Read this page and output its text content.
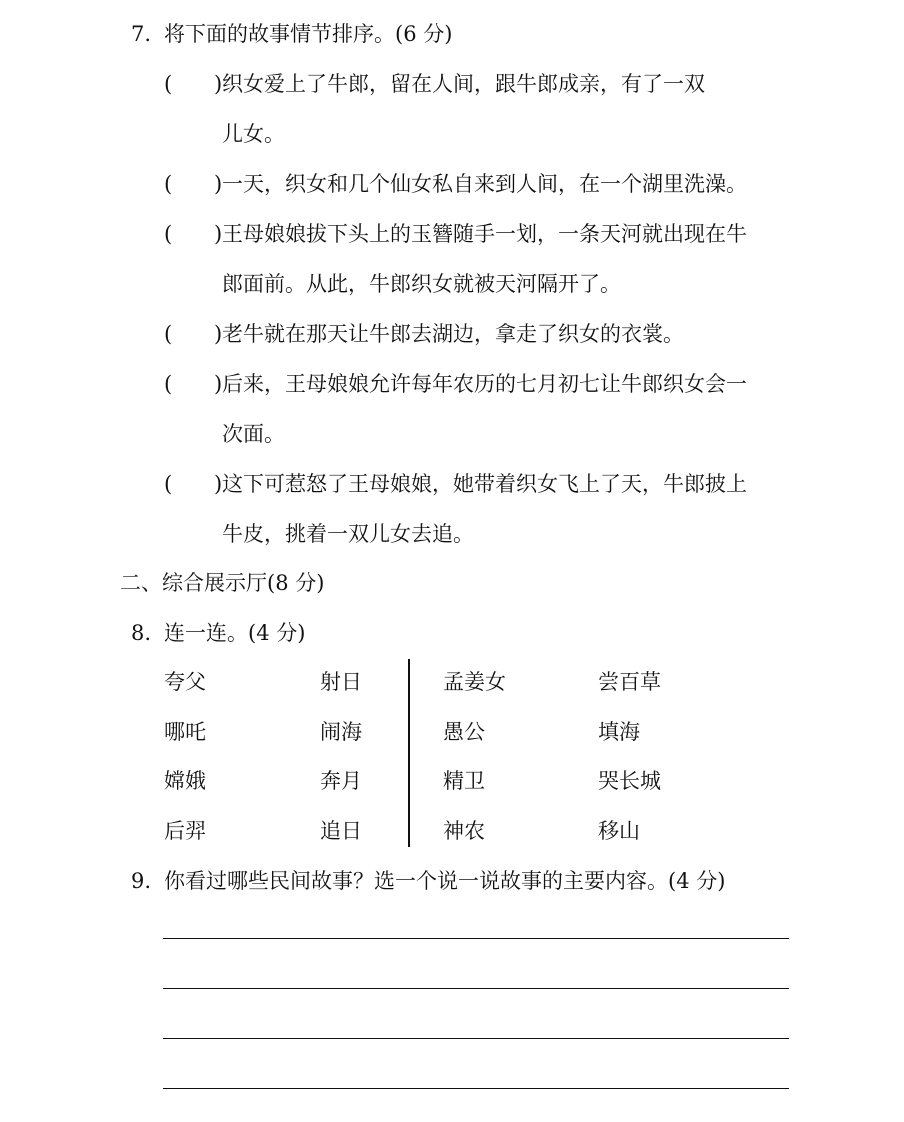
7. 将下面的故事情节排序。(6 分)
( ) 织女爱上了牛郎，留在人间，跟牛郎成亲，有了一双
儿女。
( ) 一天，织女和几个仙女私自来到人间，在一个湖里洗澡。
( ) 王母娘娘拔下头上的玉簪随手一划，一条天河就出现在牛
郎面前。从此，牛郎织女就被天河隔开了。
( ) 老牛就在那天让牛郎去湖边，拿走了织女的衣裳。
( ) 后来，王母娘娘允许每年农历的七月初七让牛郎织女会一
次面。
( ) 这下可惹怒了王母娘娘，她带着织女飞上了天，牛郎披上
牛皮，挑着一双儿女去追。
二、综合展示厅(8 分)
8. 连一连。(4 分)
夸父
哪吒
嫦娥
后羿
射日
闹海
奔月
追日
孟姜女
愚公
精卫
神农
尝百草
填海
哭长城
移山
9. 你看过哪些民间故事？选一个说一说故事的主要内容。(4 分)
